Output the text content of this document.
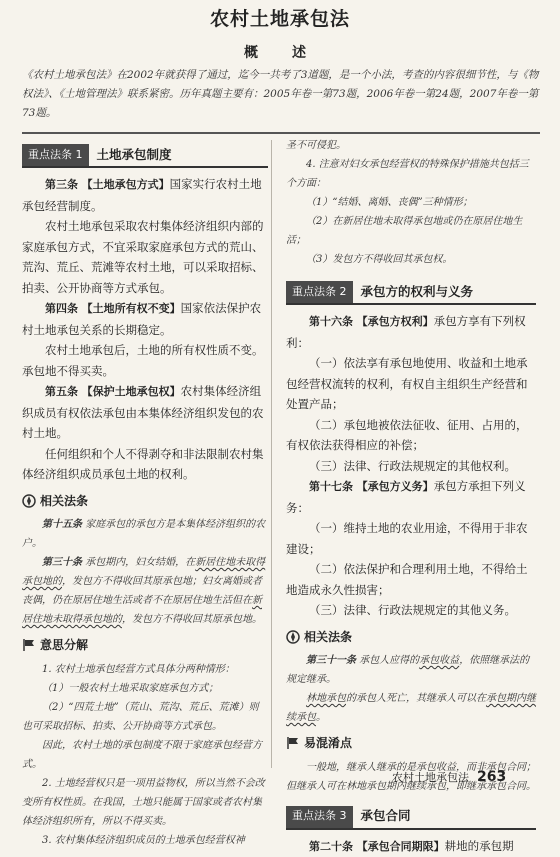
农村土地承包法
概　述
《农村土地承包法》在2002年就获得了通过，迄今一共考了3道题，是一个小法，考查的内容很细节性，与《物权法》、《土地管理法》联系紧密。历年真题主要有：2005年卷一第73题，2006年卷一第24题，2007年卷一第73题。
重点法条 1	土地承包制度

第三条 【土地承包方式】国家实行农村土地承包经营制度。

农村土地承包采取农村集体经济组织内部的家庭承包方式，不宜采取家庭承包方式的荒山、荒沟、荒丘、荒滩等农村土地，可以采取招标、拍卖、公开协商等方式承包。

第四条 【土地所有权不变】国家依法保护农村土地承包关系的长期稳定。

农村土地承包后，土地的所有权性质不变。承包地不得买卖。

第五条 【保护土地承包权】农村集体经济组织成员有权依法承包由本集体经济组织发包的农村土地。

任何组织和个人不得剥夺和非法限制农村集体经济组织成员承包土地的权利。

相关法条

第十五条 家庭承包的承包方是本集体经济组织的农户。

第三十条 承包期内，妇女结婚，在新居住地未取得承包地的，发包方不得收回其原承包地；妇女离婚或者丧偶，仍在原居住地生活或者不在原居住地生活但在新居住地未取得承包地的，发包方不得收回其原承包地。

意思分解

1. 农村土地承包经营方式具体分两种情形：

（1）一般农村土地采取家庭承包方式；

（2）“四荒土地”（荒山、荒沟、荒丘、荒滩）则也可采取招标、拍卖、公开协商等方式承包。

因此，农村土地的承包制度不限于家庭承包经营方式。

2. 土地经营权只是一项用益物权，所以当然不会改变所有权性质。在我国，土地只能属于国家或者农村集体经济组织所有，所以不得买卖。

3. 农村集体经济组织成员的土地承包经营权神

圣不可侵犯。

4. 注意对妇女承包经营权的特殊保护措施共包括三个方面：

（1）“结婚、离婚、丧偶”三种情形；

（2）在新居住地未取得承包地或仍在原居住地生活；

（3）发包方不得收回其承包权。

重点法条 2	承包方的权利与义务

第十六条 【承包方权利】承包方享有下列权利：

（一）依法享有承包地使用、收益和土地承包经营权流转的权利，有权自主组织生产经营和处置产品；

（二）承包地被依法征收、征用、占用的，有权依法获得相应的补偿；

（三）法律、行政法规规定的其他权利。

第十七条 【承包方义务】承包方承担下列义务：

（一）维持土地的农业用途，不得用于非农建设；

（二）依法保护和合理利用土地，不得给土地造成永久性损害；

（三）法律、行政法规规定的其他义务。

相关法条

第三十一条 承包人应得的承包收益，依照继承法的规定继承。

林地承包的承包人死亡，其继承人可以在承包期内继续承包。

易混淆点

一般地，继承人继承的是承包收益，而非承包合同；但继承人可在林地承包期内继续承包，即继承承包合同。

重点法条 3	承包合同

第二十条 【承包合同期限】耕地的承包期

农村土地承包法 263
